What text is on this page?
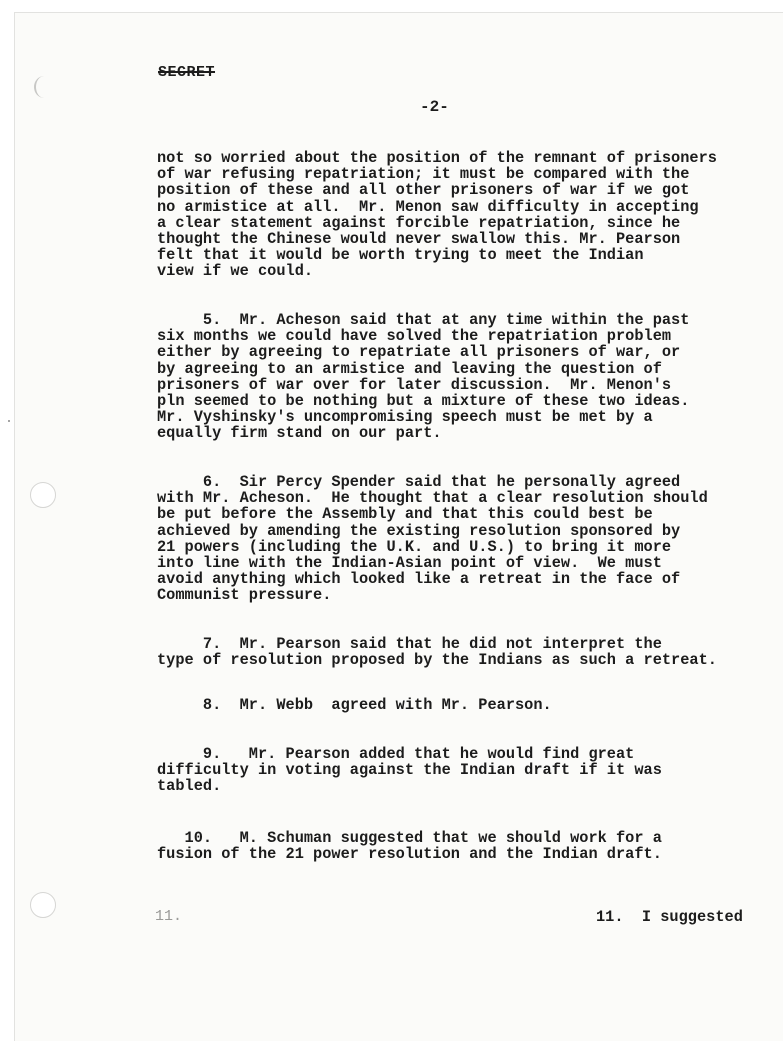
SECRET
-2-

not so worried about the position of the remnant of prisoners
of war refusing repatriation; it must be compared with the
position of these and all other prisoners of war if we got
no armistice at all.  Mr. Menon saw difficulty in accepting
a clear statement against forcible repatriation, since he
thought the Chinese would never swallow this. Mr. Pearson
felt that it would be worth trying to meet the Indian
view if we could.

5.  Mr. Acheson said that at any time within the past
six months we could have solved the repatriation problem
either by agreeing to repatriate all prisoners of war, or
by agreeing to an armistice and leaving the question of
prisoners of war over for later discussion.  Mr. Menon's
pln seemed to be nothing but a mixture of these two ideas.
Mr. Vyshinsky's uncompromising speech must be met by a
equally firm stand on our part.

6.  Sir Percy Spender said that he personally agreed
with Mr. Acheson.  He thought that a clear resolution should
be put before the Assembly and that this could best be
achieved by amending the existing resolution sponsored by
21 powers (including the U.K. and U.S.) to bring it more
into line with the Indian-Asian point of view.  We must
avoid anything which looked like a retreat in the face of
Communist pressure.

7.  Mr. Pearson said that he did not interpret the
type of resolution proposed by the Indians as such a retreat.

8.  Mr. Webb  agreed with Mr. Pearson.

9.   Mr. Pearson added that he would find great
difficulty in voting against the Indian draft if it was
tabled.

10.   M. Schuman suggested that we should work for a
fusion of the 21 power resolution and the Indian draft.

11.	11.  I suggested
